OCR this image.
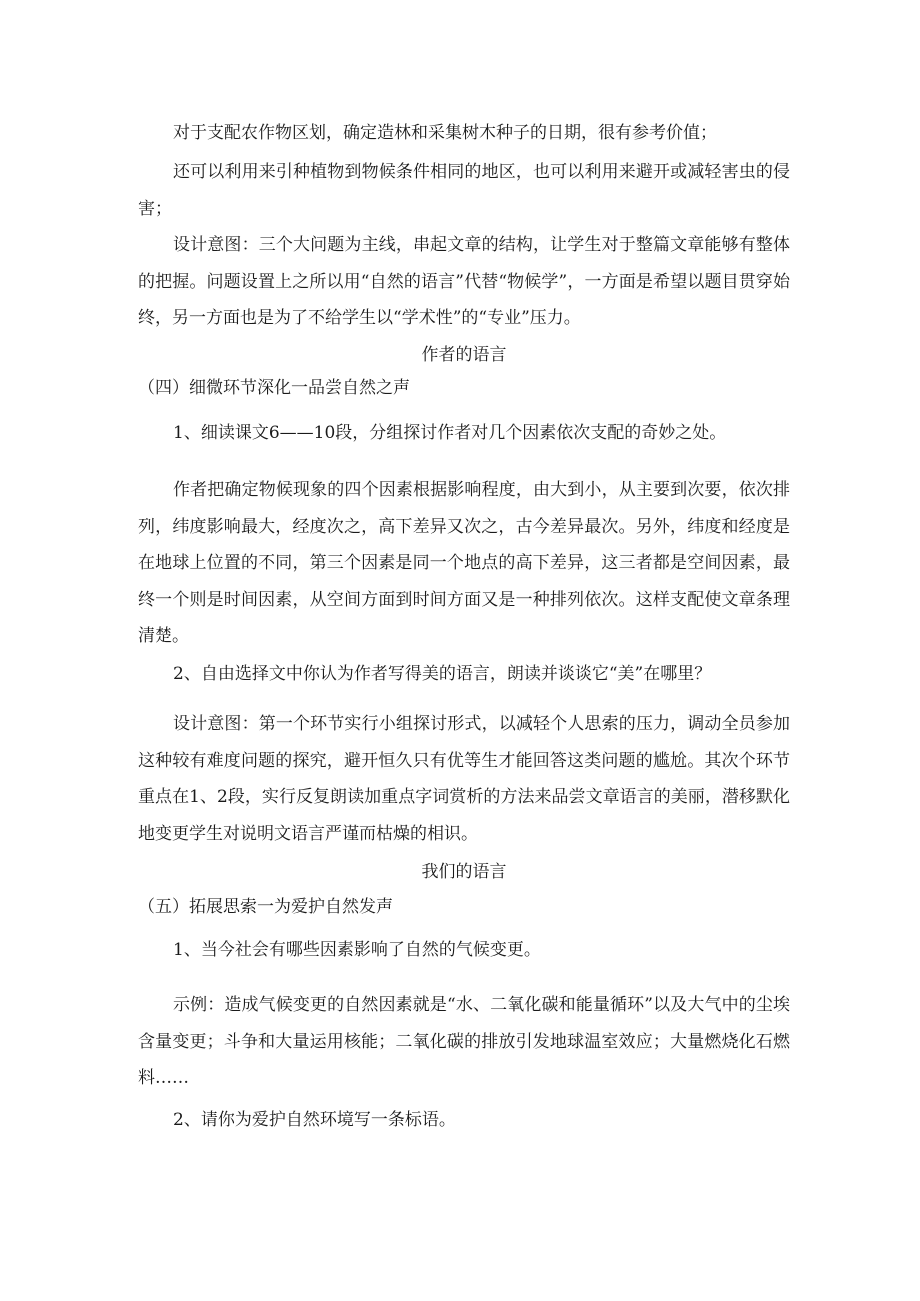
对于支配农作物区划，确定造林和采集树木种子的日期，很有参考价值；
还可以利用来引种植物到物候条件相同的地区，也可以利用来避开或减轻害虫的侵害；
设计意图：三个大问题为主线，串起文章的结构，让学生对于整篇文章能够有整体的把握。问题设置上之所以用“自然的语言”代替“物候学”，一方面是希望以题目贯穿始终，另一方面也是为了不给学生以“学术性”的“专业”压力。
作者的语言
（四）细微环节深化一品尝自然之声
1、细读课文6——10段，分组探讨作者对几个因素依次支配的奇妙之处。
作者把确定物候现象的四个因素根据影响程度，由大到小，从主要到次要，依次排列，纬度影响最大，经度次之，高下差异又次之，古今差异最次。另外，纬度和经度是在地球上位置的不同，第三个因素是同一个地点的高下差异，这三者都是空间因素，最终一个则是时间因素，从空间方面到时间方面又是一种排列依次。这样支配使文章条理清楚。
2、自由选择文中你认为作者写得美的语言，朗读并谈谈它“美”在哪里？
设计意图：第一个环节实行小组探讨形式，以减轻个人思索的压力，调动全员参加这种较有难度问题的探究，避开恒久只有优等生才能回答这类问题的尴尬。其次个环节重点在1、2段，实行反复朗读加重点字词赏析的方法来品尝文章语言的美丽，潜移默化地变更学生对说明文语言严谨而枯燥的相识。
我们的语言
（五）拓展思索一为爱护自然发声
1、当今社会有哪些因素影响了自然的气候变更。
示例：造成气候变更的自然因素就是“水、二氧化碳和能量循环”以及大气中的尘埃含量变更；斗争和大量运用核能；二氧化碳的排放引发地球温室效应；大量燃烧化石燃料……
2、请你为爱护自然环境写一条标语。
